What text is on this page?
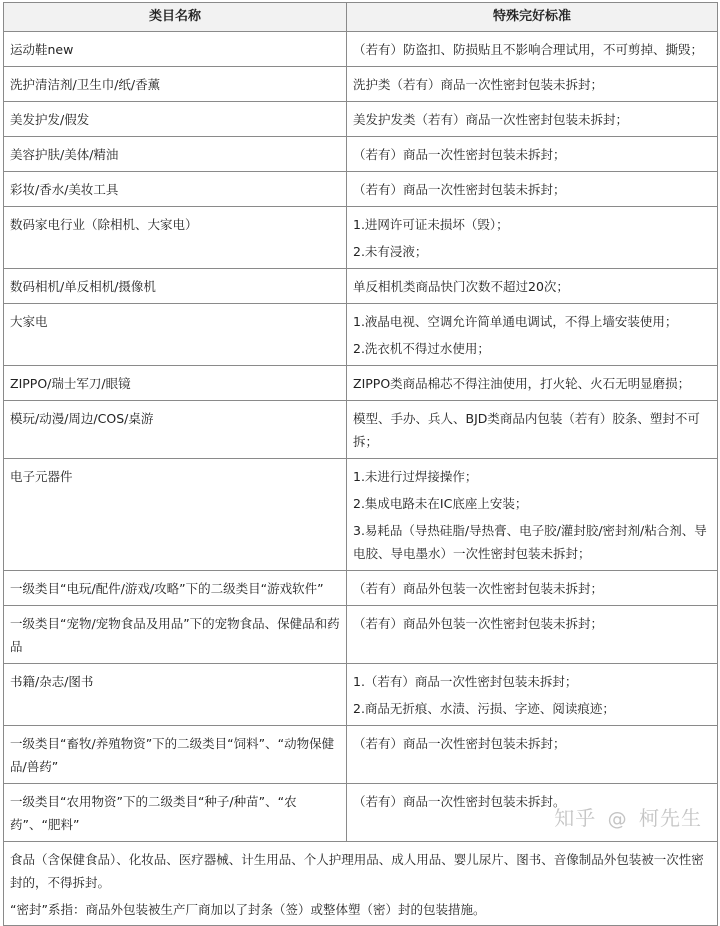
类目名称	特殊完好标准
运动鞋new	（若有）防盗扣、防损贴且不影响合理试用，不可剪掉、撕毁；

洗护清洁剂/卫生巾/纸/香薰	洗护类（若有）商品一次性密封包装未拆封；

美发护发/假发	美发护发类（若有）商品一次性密封包装未拆封；

美容护肤/美体/精油	（若有）商品一次性密封包装未拆封；

彩妆/香水/美妆工具	（若有）商品一次性密封包装未拆封；

数码家电行业（除相机、大家电）	1.进网许可证未损坏（毁）；
2.未有浸液；

数码相机/单反相机/摄像机	单反相机类商品快门次数不超过20次；

大家电	1.液晶电视、空调允许简单通电调试，不得上墙安装使用；
2.洗衣机不得过水使用；

ZIPPO/瑞士军刀/眼镜	ZIPPO类商品棉芯不得注油使用，打火轮、火石无明显磨损；

模玩/动漫/周边/COS/桌游	模型、手办、兵人、BJD类商品内包装（若有）胶条、塑封不可拆；

电子元器件	1.未进行过焊接操作；
2.集成电路未在IC底座上安装；
3.易耗品（导热硅脂/导热膏、电子胶/灌封胶/密封剂/粘合剂、导电胶、导电墨水）一次性密封包装未拆封；

一级类目“电玩/配件/游戏/攻略”下的二级类目“游戏软件”	（若有）商品外包装一次性密封包装未拆封；

一级类目“宠物/宠物食品及用品”下的宠物食品、保健品和药品	（若有）商品外包装一次性密封包装未拆封；

书籍/杂志/图书	1.（若有）商品一次性密封包装未拆封；
2.商品无折痕、水渍、污损、字迹、阅读痕迹；

一级类目“畜牧/养殖物资”下的二级类目“饲料”、“动物保健品/兽药”	（若有）商品一次性密封包装未拆封；

一级类目“农用物资”下的二级类目“种子/种苗”、“农药”、“肥料”	（若有）商品一次性密封包装未拆封。

食品（含保健食品）、化妆品、医疗器械、计生用品、个人护理用品、成人用品、婴儿尿片、图书、音像制品外包装被一次性密封的，不得拆封。
“密封”系指：商品外包装被生产厂商加以了封条（签）或整体塑（密）封的包装措施。	
知乎 @ 柯先生
